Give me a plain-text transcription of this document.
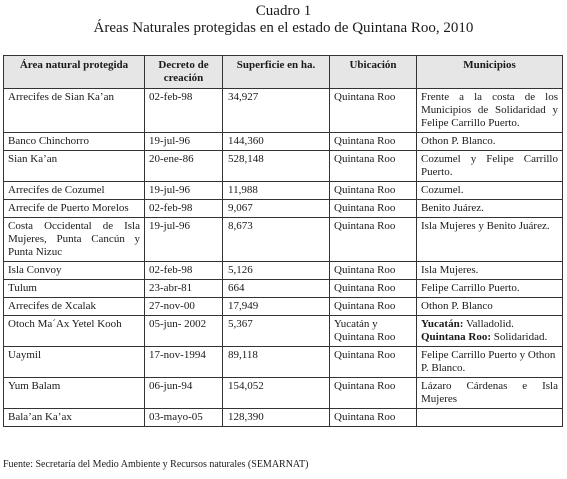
Cuadro 1
Áreas Naturales protegidas en el estado de Quintana Roo, 2010
Área natural protegida	Decreto de creación	Superficie en ha.	Ubicación	Municipios
Arrecifes de Sian Ka’an	02-feb-98	34,927	Quintana Roo	Frente a la costa de los Municipios de Solidaridad y Felipe Carrillo Puerto.
Banco Chinchorro	19-jul-96	144,360	Quintana Roo	Othon P. Blanco.
Sian Ka’an	20-ene-86	528,148	Quintana Roo	Cozumel y Felipe Carrillo Puerto.
Arrecifes de Cozumel	19-jul-96	11,988	Quintana Roo	Cozumel.
Arrecife de Puerto Morelos	02-feb-98	9,067	Quintana Roo	Benito Juárez.
Costa Occidental de Isla Mujeres, Punta Cancún y Punta Nizuc	19-jul-96	8,673	Quintana Roo	Isla Mujeres y Benito Juárez.
Isla Convoy	02-feb-98	5,126	Quintana Roo	Isla Mujeres.
Tulum	23-abr-81	664	Quintana Roo	Felipe Carrillo Puerto.
Arrecifes de Xcalak	27-nov-00	17,949	Quintana Roo	Othon P. Blanco
Otoch Ma´Ax Yetel Kooh	05-jun- 2002	5,367	Yucatán y Quintana Roo	Yucatán: Valladolid.
Quintana Roo: Solidaridad.
Uaymil	17-nov-1994	89,118	Quintana Roo	Felipe Carrillo Puerto y Othon P. Blanco.
Yum Balam	06-jun-94	154,052	Quintana Roo	Lázaro Cárdenas e Isla Mujeres
Bala’an Ka’ax	03-mayo-05	128,390	Quintana Roo	
Fuente: Secretaría del Medio Ambiente y Recursos naturales (SEMARNAT)
